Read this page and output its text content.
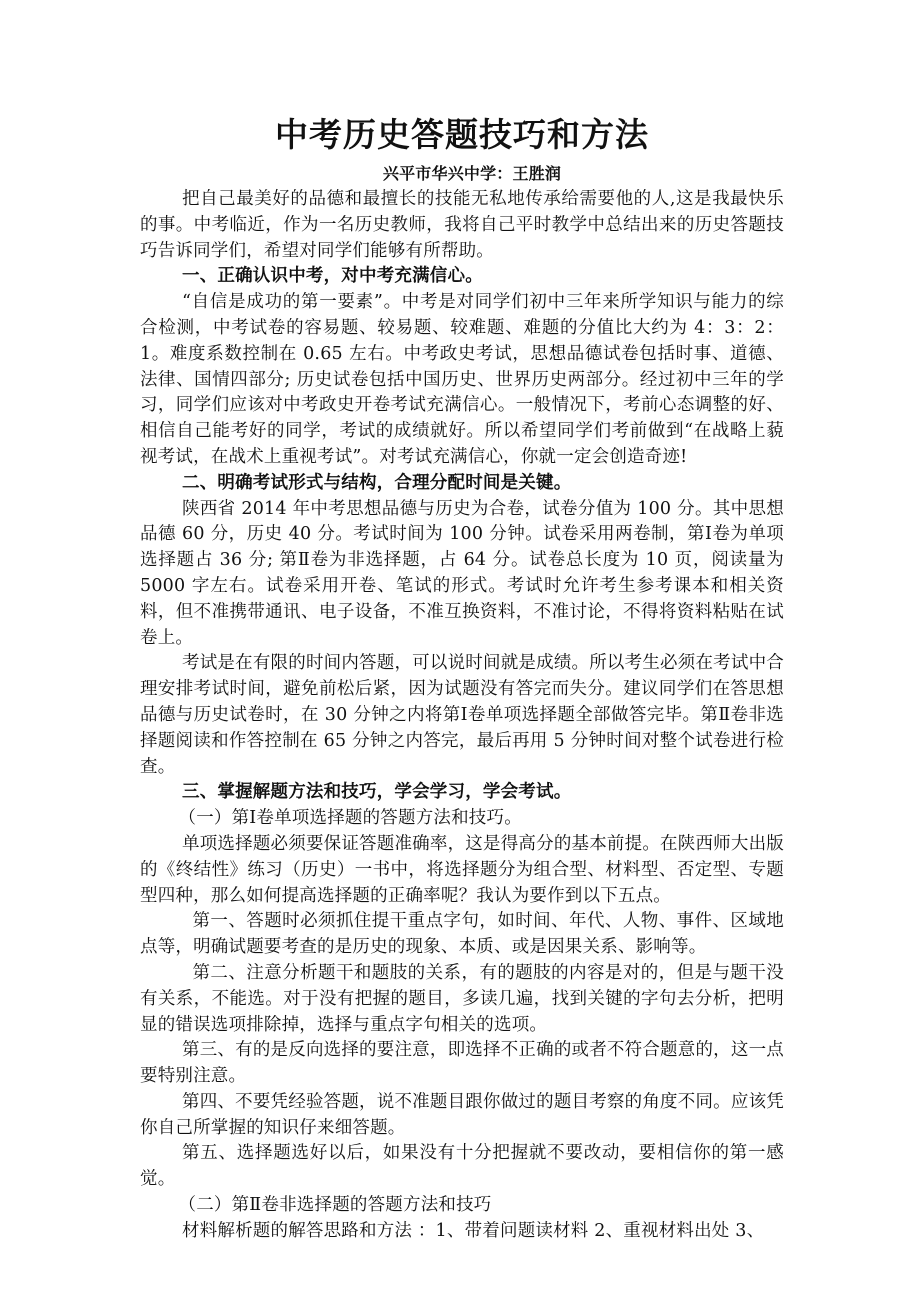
中考历史答题技巧和方法
兴平市华兴中学：王胜润

把自己最美好的品德和最擅长的技能无私地传承给需要他的人,这是我最快乐的事。中考临近，作为一名历史教师，我将自己平时教学中总结出来的历史答题技巧告诉同学们，希望对同学们能够有所帮助。

一、正确认识中考，对中考充满信心。

“自信是成功的第一要素”。中考是对同学们初中三年来所学知识与能力的综合检测，中考试卷的容易题、较易题、较难题、难题的分值比大约为 4：3：2：1。难度系数控制在 0.65 左右。中考政史考试，思想品德试卷包括时事、道德、法律、国情四部分; 历史试卷包括中国历史、世界历史两部分。经过初中三年的学习，同学们应该对中考政史开卷考试充满信心。一般情况下，考前心态调整的好、相信自己能考好的同学，考试的成绩就好。所以希望同学们考前做到“在战略上藐视考试，在战术上重视考试”。对考试充满信心，你就一定会创造奇迹!

二、明确考试形式与结构，合理分配时间是关键。

陕西省 2014 年中考思想品德与历史为合卷，试卷分值为 100 分。其中思想品德 60 分，历史 40 分。考试时间为 100 分钟。试卷采用两卷制，第Ⅰ卷为单项选择题占 36 分; 第Ⅱ卷为非选择题，占 64 分。试卷总长度为 10 页，阅读量为 5000 字左右。试卷采用开卷、笔试的形式。考试时允许考生参考课本和相关资料，但不准携带通讯、电子设备，不准互换资料，不准讨论，不得将资料粘贴在试卷上。

考试是在有限的时间内答题，可以说时间就是成绩。所以考生必须在考试中合理安排考试时间，避免前松后紧，因为试题没有答完而失分。建议同学们在答思想品德与历史试卷时，在 30 分钟之内将第Ⅰ卷单项选择题全部做答完毕。第Ⅱ卷非选择题阅读和作答控制在 65 分钟之内答完，最后再用 5 分钟时间对整个试卷进行检查。

三、掌握解题方法和技巧，学会学习，学会考试。

（一）第Ⅰ卷单项选择题的答题方法和技巧。

单项选择题必须要保证答题准确率，这是得高分的基本前提。在陕西师大出版的《终结性》练习（历史）一书中，将选择题分为组合型、材料型、否定型、专题型四种，那么如何提高选择题的正确率呢？我认为要作到以下五点。

第一、答题时必须抓住提干重点字句，如时间、年代、人物、事件、区域地点等，明确试题要考查的是历史的现象、本质、或是因果关系、影响等。

第二、注意分析题干和题肢的关系，有的题肢的内容是对的，但是与题干没有关系，不能选。对于没有把握的题目，多读几遍，找到关键的字句去分析，把明显的错误选项排除掉，选择与重点字句相关的选项。

第三、有的是反向选择的要注意，即选择不正确的或者不符合题意的，这一点要特别注意。

第四、不要凭经验答题，说不准题目跟你做过的题目考察的角度不同。应该凭你自己所掌握的知识仔来细答题。

第五、选择题选好以后，如果没有十分把握就不要改动，要相信你的第一感觉。

（二）第Ⅱ卷非选择题的答题方法和技巧

材料解析题的解答思路和方法 ：1、带着问题读材料 2、重视材料出处 3、
